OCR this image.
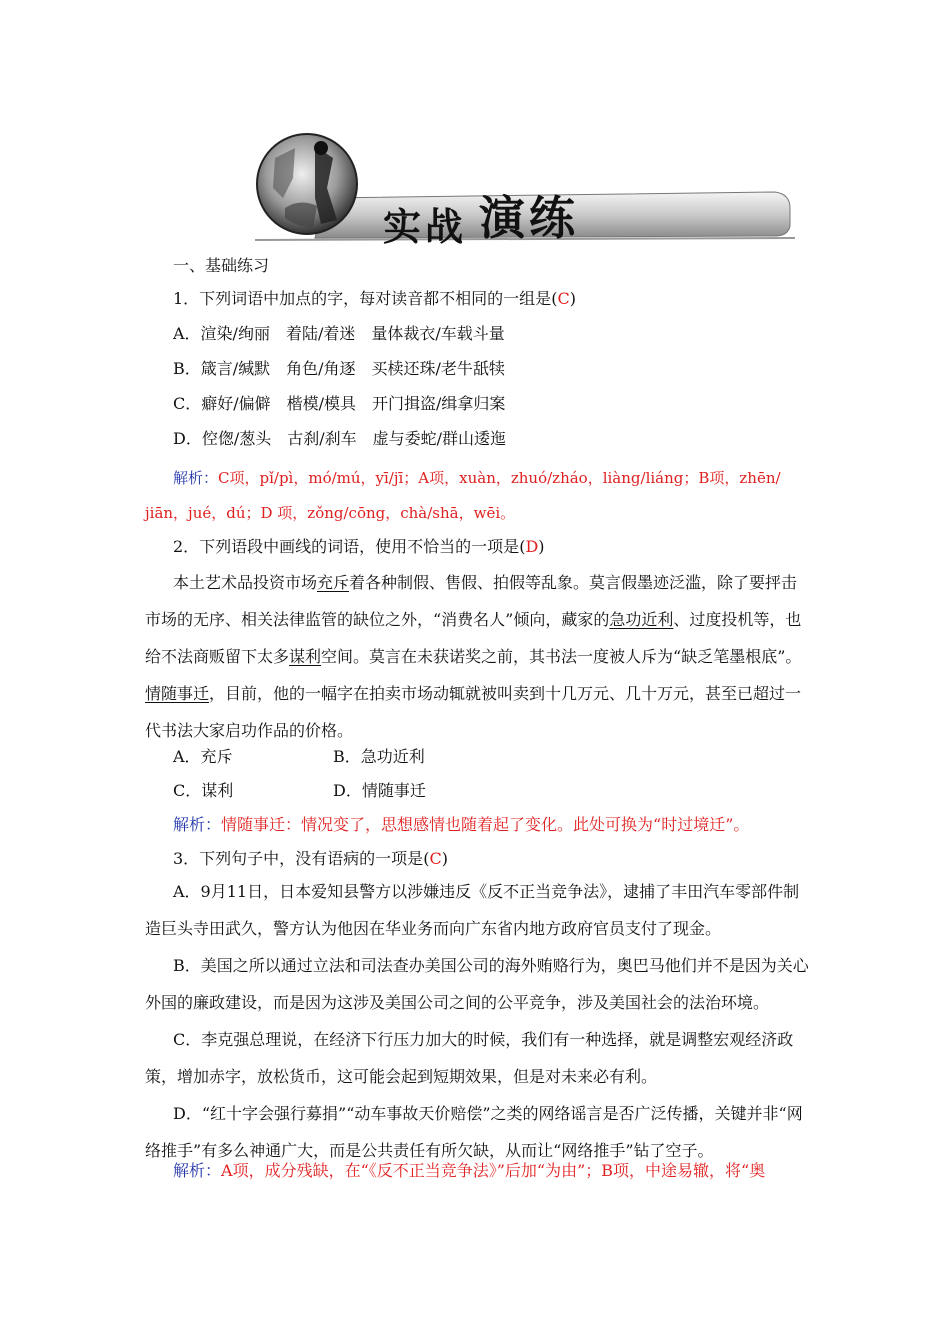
实战 演练
一、基础练习
1．下列词语中加点的字，每对读音都不相同的一组是(C)
A．渲染/绚丽　着陆/着迷　量体裁衣/车载斗量
B．箴言/缄默　角色/角逐　买椟还珠/老牛舐犊
C．癖好/偏僻　楷模/模具　开门揖盗/缉拿归案
D．倥偬/葱头　古刹/刹车　虚与委蛇/群山逶迤
解析：C项，pǐ/pì，mó/mú，yī/jī；A项，xuàn，zhuó/zháo，liàng/liáng；B项，zhēn/
jiān，jué，dú；D 项，zǒng/cōng，chà/shā，wēi。
2．下列语段中画线的词语，使用不恰当的一项是(D)
本土艺术品投资市场充斥着各种制假、售假、拍假等乱象。莫言假墨迹泛滥，除了要抨击市场的无序、相关法律监管的缺位之外，“消费名人”倾向，藏家的急功近利、过度投机等，也给不法商贩留下太多谋利空间。莫言在未获诺奖之前，其书法一度被人斥为“缺乏笔墨根底”。情随事迁，目前，他的一幅字在拍卖市场动辄就被叫卖到十几万元、几十万元，甚至已超过一代书法大家启功作品的价格。
A．充斥	B．急功近利
C．谋利	D．情随事迁
解析：情随事迁：情况变了，思想感情也随着起了变化。此处可换为“时过境迁”。
3．下列句子中，没有语病的一项是(C)
A．9月11日，日本爱知县警方以涉嫌违反《反不正当竞争法》，逮捕了丰田汽车零部件制造巨头寺田武久，警方认为他因在华业务而向广东省内地方政府官员支付了现金。
B．美国之所以通过立法和司法查办美国公司的海外贿赂行为，奥巴马他们并不是因为关心外国的廉政建设，而是因为这涉及美国公司之间的公平竞争，涉及美国社会的法治环境。
C．李克强总理说，在经济下行压力加大的时候，我们有一种选择，就是调整宏观经济政策，增加赤字，放松货币，这可能会起到短期效果，但是对未来必有利。
D．“红十字会强行募捐”“动车事故天价赔偿”之类的网络谣言是否广泛传播，关键并非“网络推手”有多么神通广大，而是公共责任有所欠缺，从而让“网络推手”钻了空子。
解析：A项，成分残缺，在“《反不正当竞争法》”后加“为由”；B项，中途易辙，将“奥
